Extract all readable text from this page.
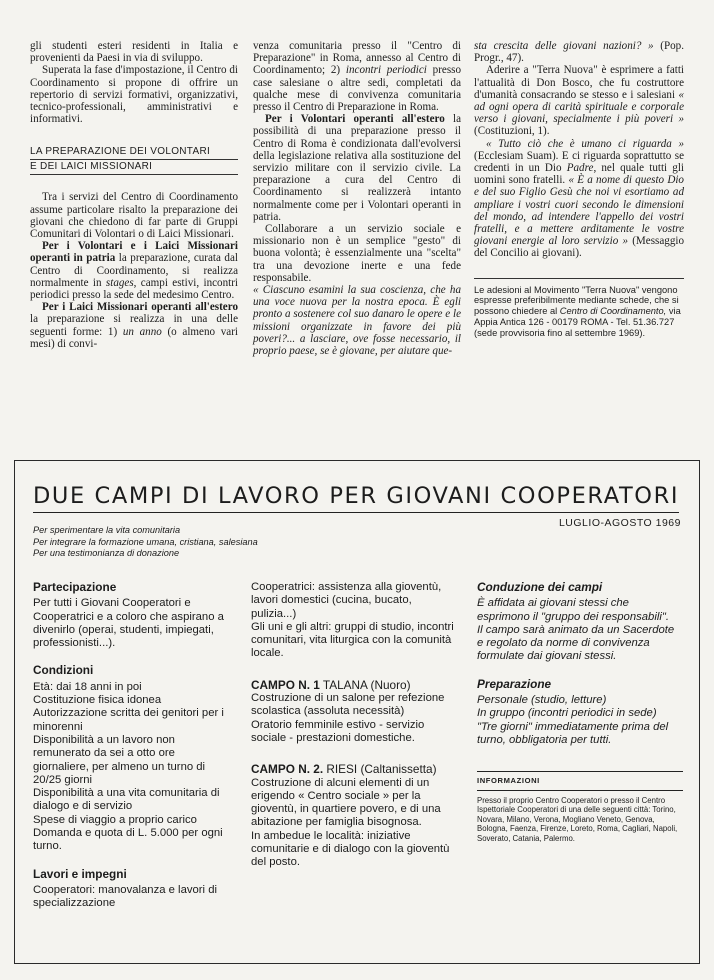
gli studenti esteri residenti in Italia e provenienti da Paesi in via di sviluppo.

Superata la fase d'impostazione, il Centro di Coordinamento si propone di offrire un repertorio di servizi formativi, organizzativi, tecnico-professionali, amministrativi e informativi.

LA PREPARAZIONE DEI VOLONTARI
E DEI LAICI MISSIONARI

Tra i servizi del Centro di Coordinamento assume particolare risalto la preparazione dei giovani che chiedono di far parte di Gruppi Comunitari di Volontari o di Laici Missionari.

Per i Volontari e i Laici Missionari operanti in patria la preparazione, curata dal Centro di Coordinamento, si realizza normalmente in stages, campi estivi, incontri periodici presso la sede del medesimo Centro.

Per i Laici Missionari operanti all'estero la preparazione si realizza in una delle seguenti forme: 1) un anno (o almeno vari mesi) di convi-

venza comunitaria presso il "Centro di Preparazione" in Roma, annesso al Centro di Coordinamento; 2) incontri periodici presso case salesiane o altre sedi, completati da qualche mese di convivenza comunitaria presso il Centro di Preparazione in Roma.

Per i Volontari operanti all'estero la possibilità di una preparazione presso il Centro di Roma è condizionata dall'evolversi della legislazione relativa alla sostituzione del servizio militare con il servizio civile. La preparazione a cura del Centro di Coordinamento si realizzerà intanto normalmente come per i Volontari operanti in patria.

Collaborare a un servizio sociale e missionario non è un semplice "gesto" di buona volontà; è essenzialmente una "scelta" tra una devozione inerte e una fede responsabile.

« Ciascuno esamini la sua coscienza, che ha una voce nuova per la nostra epoca. È egli pronto a sostenere col suo danaro le opere e le missioni organizzate in favore dei più poveri?... a lasciare, ove fosse necessario, il proprio paese, se è giovane, per aiutare que-

sta crescita delle giovani nazioni? » (Pop. Progr., 47).

Aderire a "Terra Nuova" è esprimere a fatti l'attualità di Don Bosco, che fu costruttore d'umanità consacrando se stesso e i salesiani « ad ogni opera di carità spirituale e corporale verso i giovani, specialmente i più poveri » (Costituzioni, 1).

« Tutto ciò che è umano ci riguarda » (Ecclesiam Suam). E ci riguarda soprattutto se credenti in un Dio Padre, nel quale tutti gli uomini sono fratelli. « È a nome di questo Dio e del suo Figlio Gesù che noi vi esortiamo ad ampliare i vostri cuori secondo le dimensioni del mondo, ad intendere l'appello dei vostri fratelli, e a mettere arditamente le vostre giovani energie al loro servizio » (Messaggio del Concilio ai giovani).

Le adesioni al Movimento "Terra Nuova" vengono espresse preferibilmente mediante schede, che si possono chiedere al Centro di Coordinamento, via Appia Antica 126 - 00179 ROMA - Tel. 51.36.727 (sede provvisoria fino al settembre 1969).
DUE CAMPI DI LAVORO PER GIOVANI COOPERATORI
LUGLIO-AGOSTO 1969
Per sperimentare la vita comunitaria
Per integrare la formazione umana, cristiana, salesiana
Per una testimonianza di donazione
Partecipazione

Per tutti i Giovani Cooperatori e Cooperatrici e a coloro che aspirano a divenirlo (operai, studenti, impiegati, professionisti...).

Condizioni

Età: dai 18 anni in poi

Costituzione fisica idonea

Autorizzazione scritta dei genitori per i minorenni

Disponibilità a un lavoro non remunerato da sei a otto ore giornaliere, per almeno un turno di 20/25 giorni

Disponibilità a una vita comunitaria di dialogo e di servizio

Spese di viaggio a proprio carico

Domanda e quota di L. 5.000 per ogni turno.

Lavori e impegni

Cooperatori: manovalanza e lavori di specializzazione

Cooperatrici: assistenza alla gioventù, lavori domestici (cucina, bucato, pulizia...)

Gli uni e gli altri: gruppi di studio, incontri comunitari, vita liturgica con la comunità locale.

CAMPO N. 1 TALANA (Nuoro)

Costruzione di un salone per refezione scolastica (assoluta necessità)

Oratorio femminile estivo - servizio sociale - prestazioni domestiche.

CAMPO N. 2. RIESI (Caltanissetta)

Costruzione di alcuni elementi di un erigendo « Centro sociale » per la gioventù, in quartiere povero, e di una abitazione per famiglia bisognosa.

In ambedue le località: iniziative comunitarie e di dialogo con la gioventù del posto.

Conduzione dei campi

È affidata ai giovani stessi che esprimono il "gruppo dei responsabili".

Il campo sarà animato da un Sacerdote e regolato da norme di convivenza formulate dai giovani stessi.

Preparazione

Personale (studio, letture)

In gruppo (incontri periodici in sede)

"Tre giorni" immediatamente prima del turno, obbligatoria per tutti.

INFORMAZIONI
Presso il proprio Centro Cooperatori o presso il Centro Ispettoriale Cooperatori di una delle seguenti città: Torino, Novara, Milano, Verona, Mogliano Veneto, Genova, Bologna, Faenza, Firenze, Loreto, Roma, Cagliari, Napoli, Soverato, Catania, Palermo.
